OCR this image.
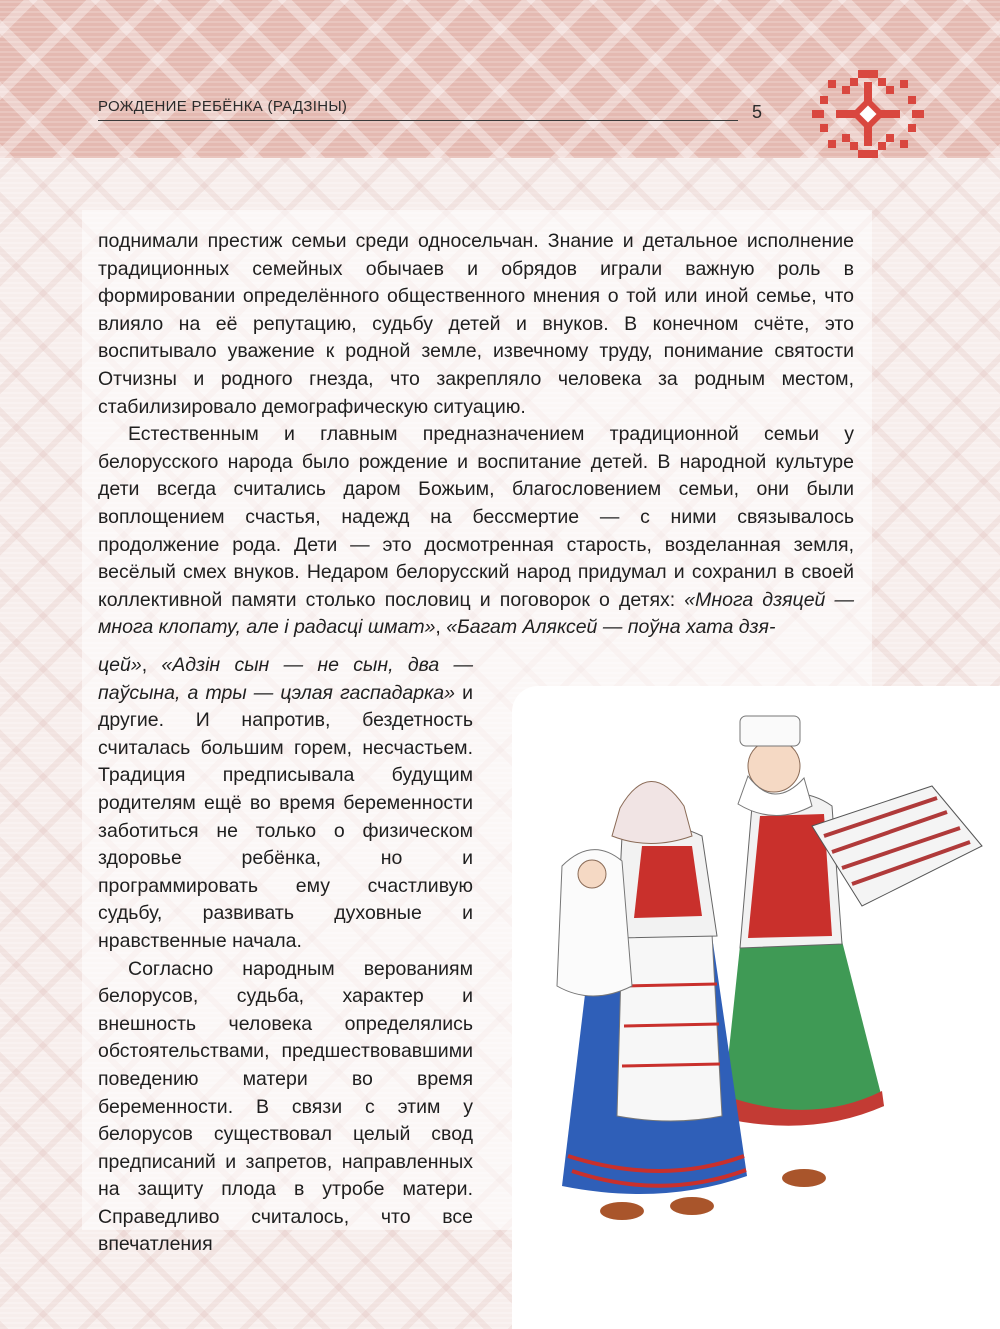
РОЖДЕНИЕ РЕБЁНКА (РАДЗІНЫ)	5

поднимали престиж семьи среди односельчан. Знание и детальное исполнение традиционных семейных обычаев и обрядов играли важную роль в формировании определённого общественного мнения о той или иной семье, что влияло на её репутацию, судьбу детей и внуков. В конечном счёте, это воспитывало уважение к родной земле, извечному труду, понимание святости Отчизны и родного гнезда, что закрепляло человека за родным местом, стабилизировало демографическую ситуацию.

Естественным и главным предназначением традиционной семьи у белорусского народа было рождение и воспитание детей. В народной культуре дети всегда считались даром Божьим, благословением семьи, они были воплощением счастья, надежд на бессмертие — с ними связывалось продолжение рода. Дети — это досмотренная старость, возделанная земля, весёлый смех внуков. Недаром белорусский народ придумал и сохранил в своей коллективной памяти столько пословиц и поговорок о детях: «Многа дзяцей — многа клопату, але і радасці шмат», «Багат Аляксей — поўна хата дзя-

цей», «Адзін сын — не сын, два — паўсына, а тры — цэлая гаспадарка» и другие. И напротив, бездетность считалась большим горем, несчастьем. Традиция предписывала будущим родителям ещё во время беременности заботиться не только о физическом здоровье ребёнка, но и программировать ему счастливую судьбу, развивать духовные и нравственные начала.

Согласно народным верованиям белорусов, судьба, характер и внешность человека определялись обстоятельствами, предшествовавшими поведению матери во время беременности. В связи с этим у белорусов существовал целый свод предписаний и запретов, направленных на защиту плода в утробе матери. Справедливо считалось, что все впечатления
